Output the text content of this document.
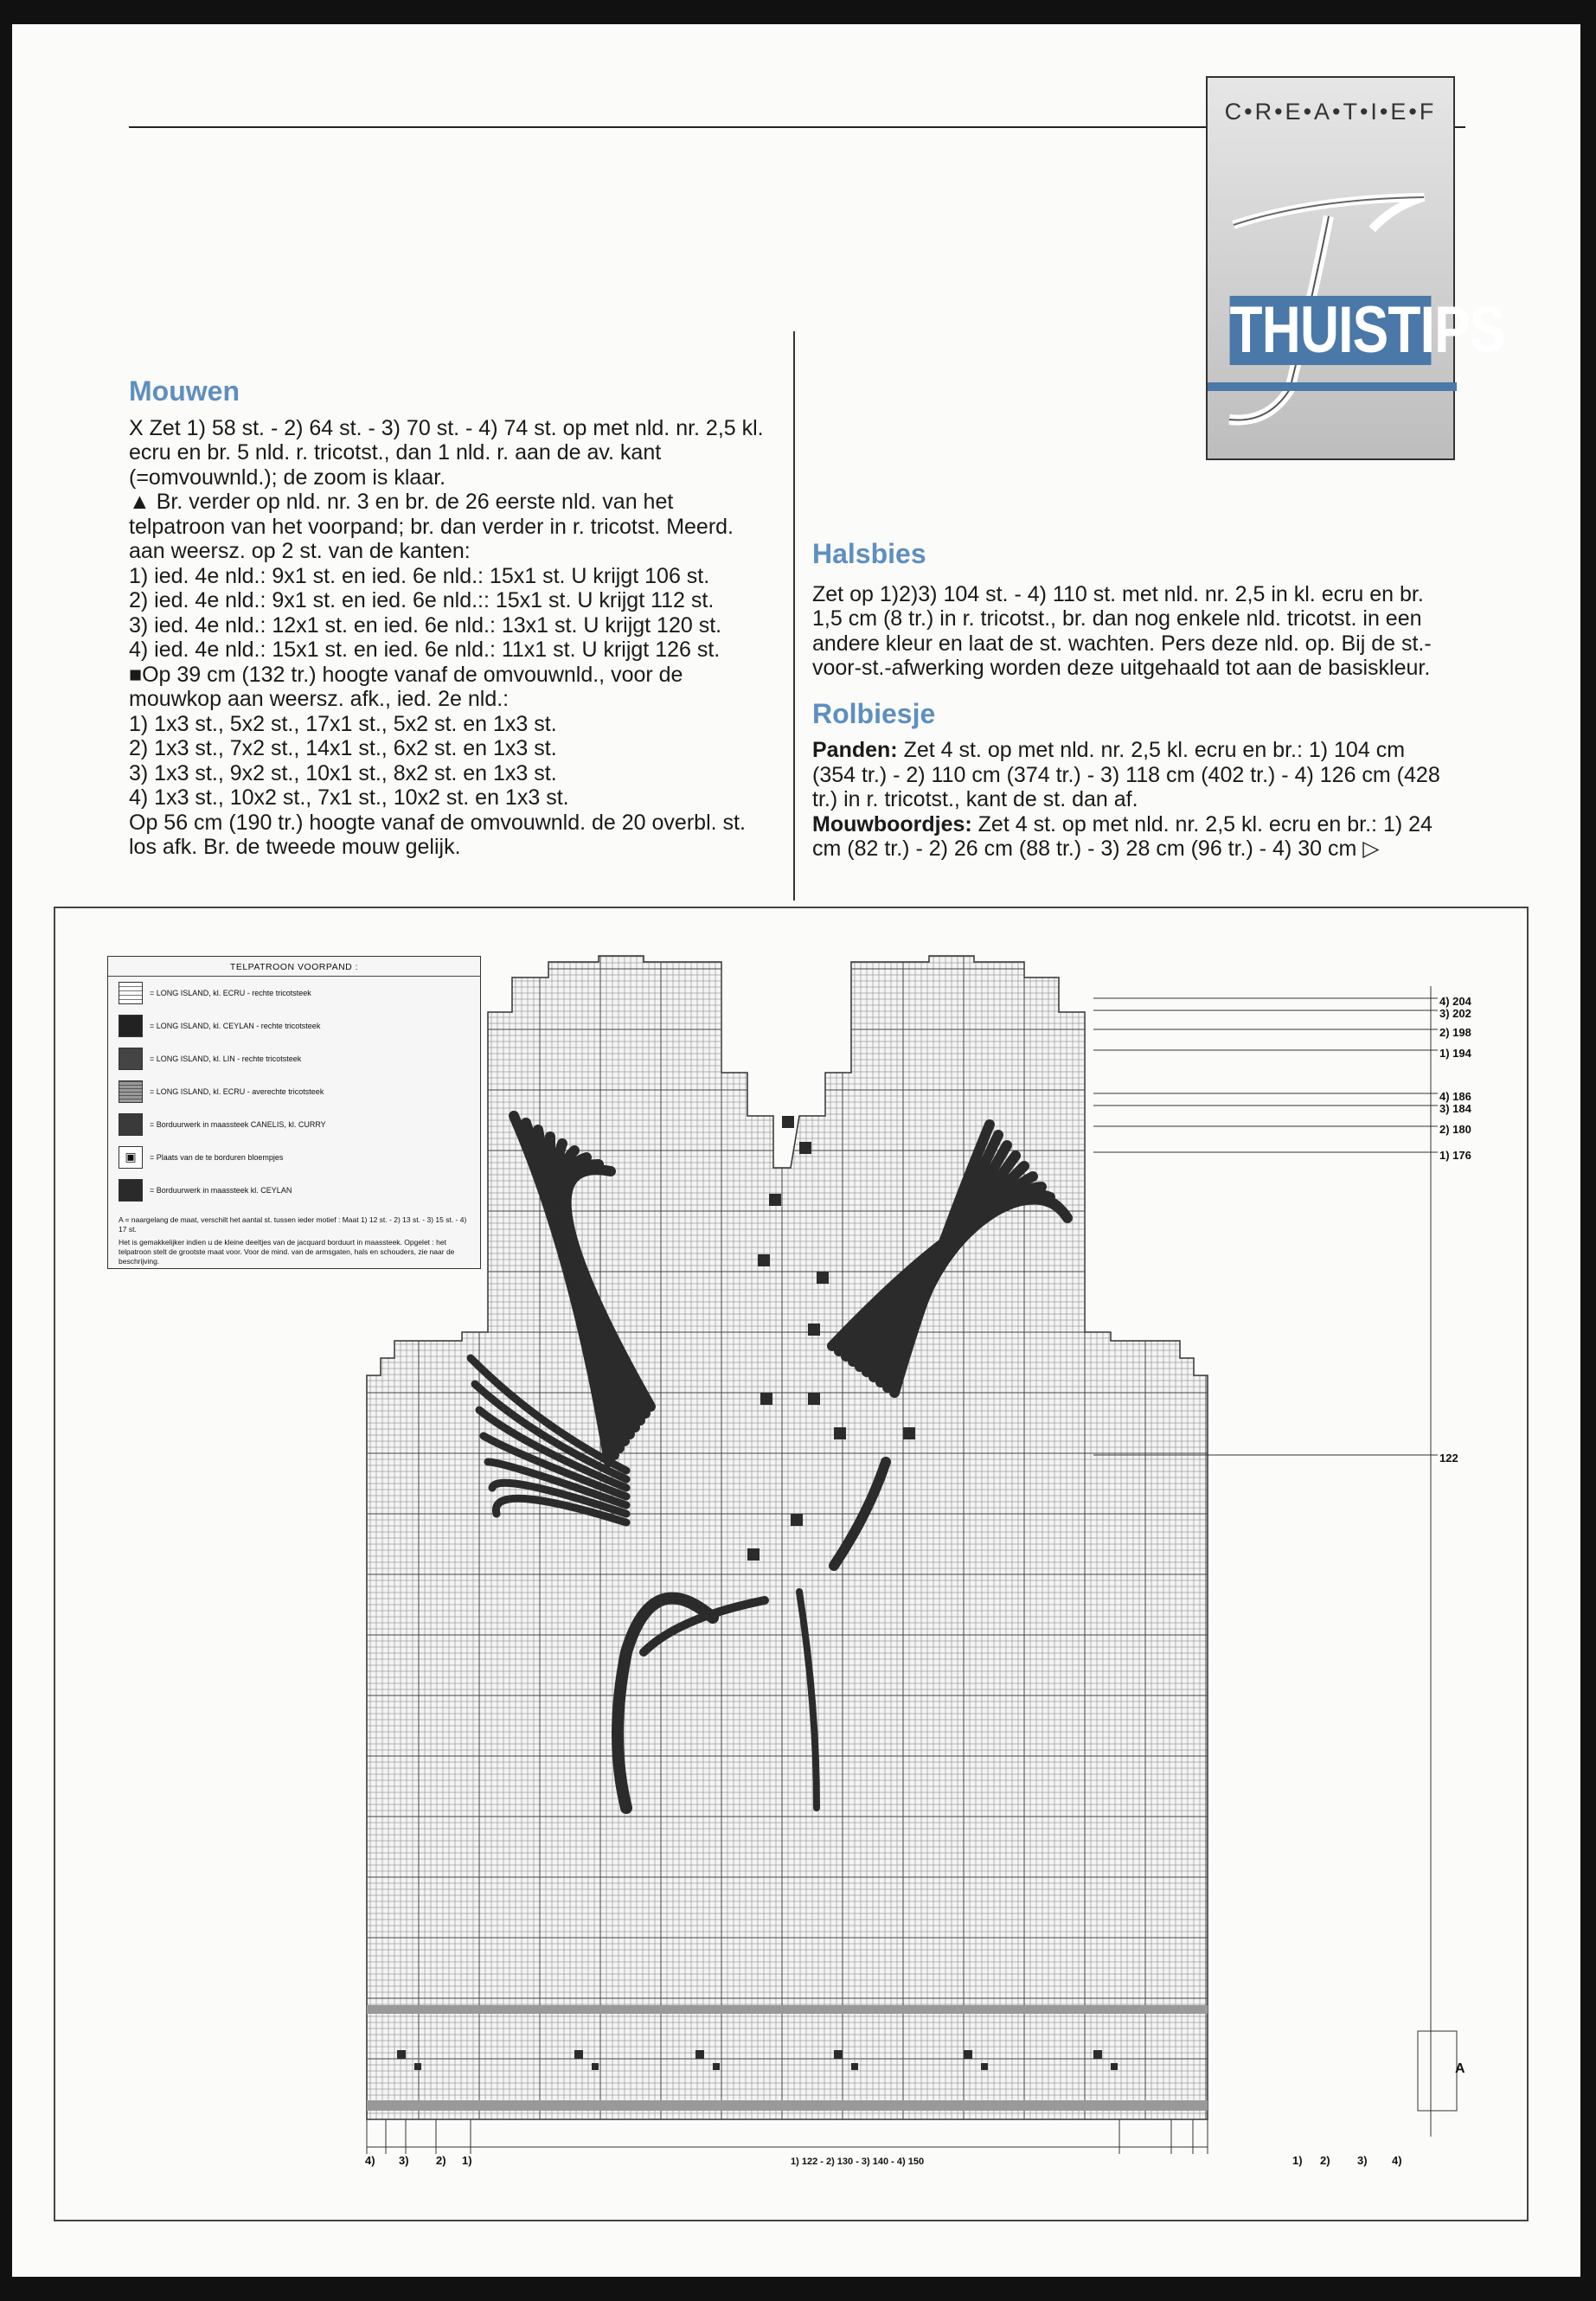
C•R•E•A•T•I•E•F
THUISTIPS
Mouwen

X Zet 1) 58 st. - 2) 64 st. - 3) 70 st. - 4) 74 st. op met nld. nr. 2,5 kl. ecru en br. 5 nld. r. tricotst., dan 1 nld. r. aan de av. kant (=omvouwnld.); de zoom is klaar.

▲ Br. verder op nld. nr. 3 en br. de 26 eerste nld. van het telpatroon van het voorpand; br. dan verder in r. tricotst. Meerd. aan weersz. op 2 st. van de kanten:

1) ied. 4e nld.: 9x1 st. en ied. 6e nld.: 15x1 st. U krijgt 106 st.

2) ied. 4e nld.: 9x1 st. en ied. 6e nld.:: 15x1 st. U krijgt 112 st.

3) ied. 4e nld.: 12x1 st. en ied. 6e nld.: 13x1 st. U krijgt 120 st.

4) ied. 4e nld.: 15x1 st. en ied. 6e nld.: 11x1 st. U krijgt 126 st.

■Op 39 cm (132 tr.) hoogte vanaf de omvouwnld., voor de mouwkop aan weersz. afk., ied. 2e nld.:

1) 1x3 st., 5x2 st., 17x1 st., 5x2 st. en 1x3 st.

2) 1x3 st., 7x2 st., 14x1 st., 6x2 st. en 1x3 st.

3) 1x3 st., 9x2 st., 10x1 st., 8x2 st. en 1x3 st.

4) 1x3 st., 10x2 st., 7x1 st., 10x2 st. en 1x3 st.

Op 56 cm (190 tr.) hoogte vanaf de omvouwnld. de 20 overbl. st. los afk. Br. de tweede mouw gelijk.

Halsbies

Zet op 1)2)3) 104 st. - 4) 110 st. met nld. nr. 2,5 in kl. ecru en br. 1,5 cm (8 tr.) in r. tricotst., br. dan nog enkele nld. tricotst. in een andere kleur en laat de st. wachten. Pers deze nld. op. Bij de st.-voor-st.-afwerking worden deze uitgehaald tot aan de basiskleur.

Rolbiesje

Panden: Zet 4 st. op met nld. nr. 2,5 kl. ecru en br.: 1) 104 cm (354 tr.) - 2) 110 cm (374 tr.) - 3) 118 cm (402 tr.) - 4) 126 cm (428 tr.) in r. tricotst., kant de st. dan af.

Mouwboordjes: Zet 4 st. op met nld. nr. 2,5 kl. ecru en br.: 1) 24 cm (82 tr.) - 2) 26 cm (88 tr.) - 3) 28 cm (96 tr.) - 4) 30 cm ▷

TELPATROON VOORPAND :
= LONG ISLAND, kl. ECRU - rechte tricotsteek
= LONG ISLAND, kl. CEYLAN - rechte tricotsteek
= LONG ISLAND, kl. LIN - rechte tricotsteek
= LONG ISLAND, kl. ECRU - averechte tricotsteek
= Borduurwerk in maassteek CANELIS, kl. CURRY
▣	= Plaats van de te borduren bloempjes
= Borduurwerk in maassteek kl. CEYLAN
A = naargelang de maat, verschilt het aantal st. tussen ieder motief : Maat 1) 12 st. - 2) 13 st. - 3) 15 st. - 4) 17 st.
Het is gemakkelijker indien u de kleine deeltjes van de jacquard borduurt in maassteek. Opgelet : het telpatroon stelt de grootste maat voor. Voor de mind. van de armsgaten, hals en schouders, zie naar de beschrijving.
4) 204
3) 202
2) 198
1) 194
4) 186
3) 184
2) 180
1) 176
122
A
4) 3) 2) 1)	1) 122 - 2) 130 - 3) 140 - 4) 150	1) 2) 3) 4)
